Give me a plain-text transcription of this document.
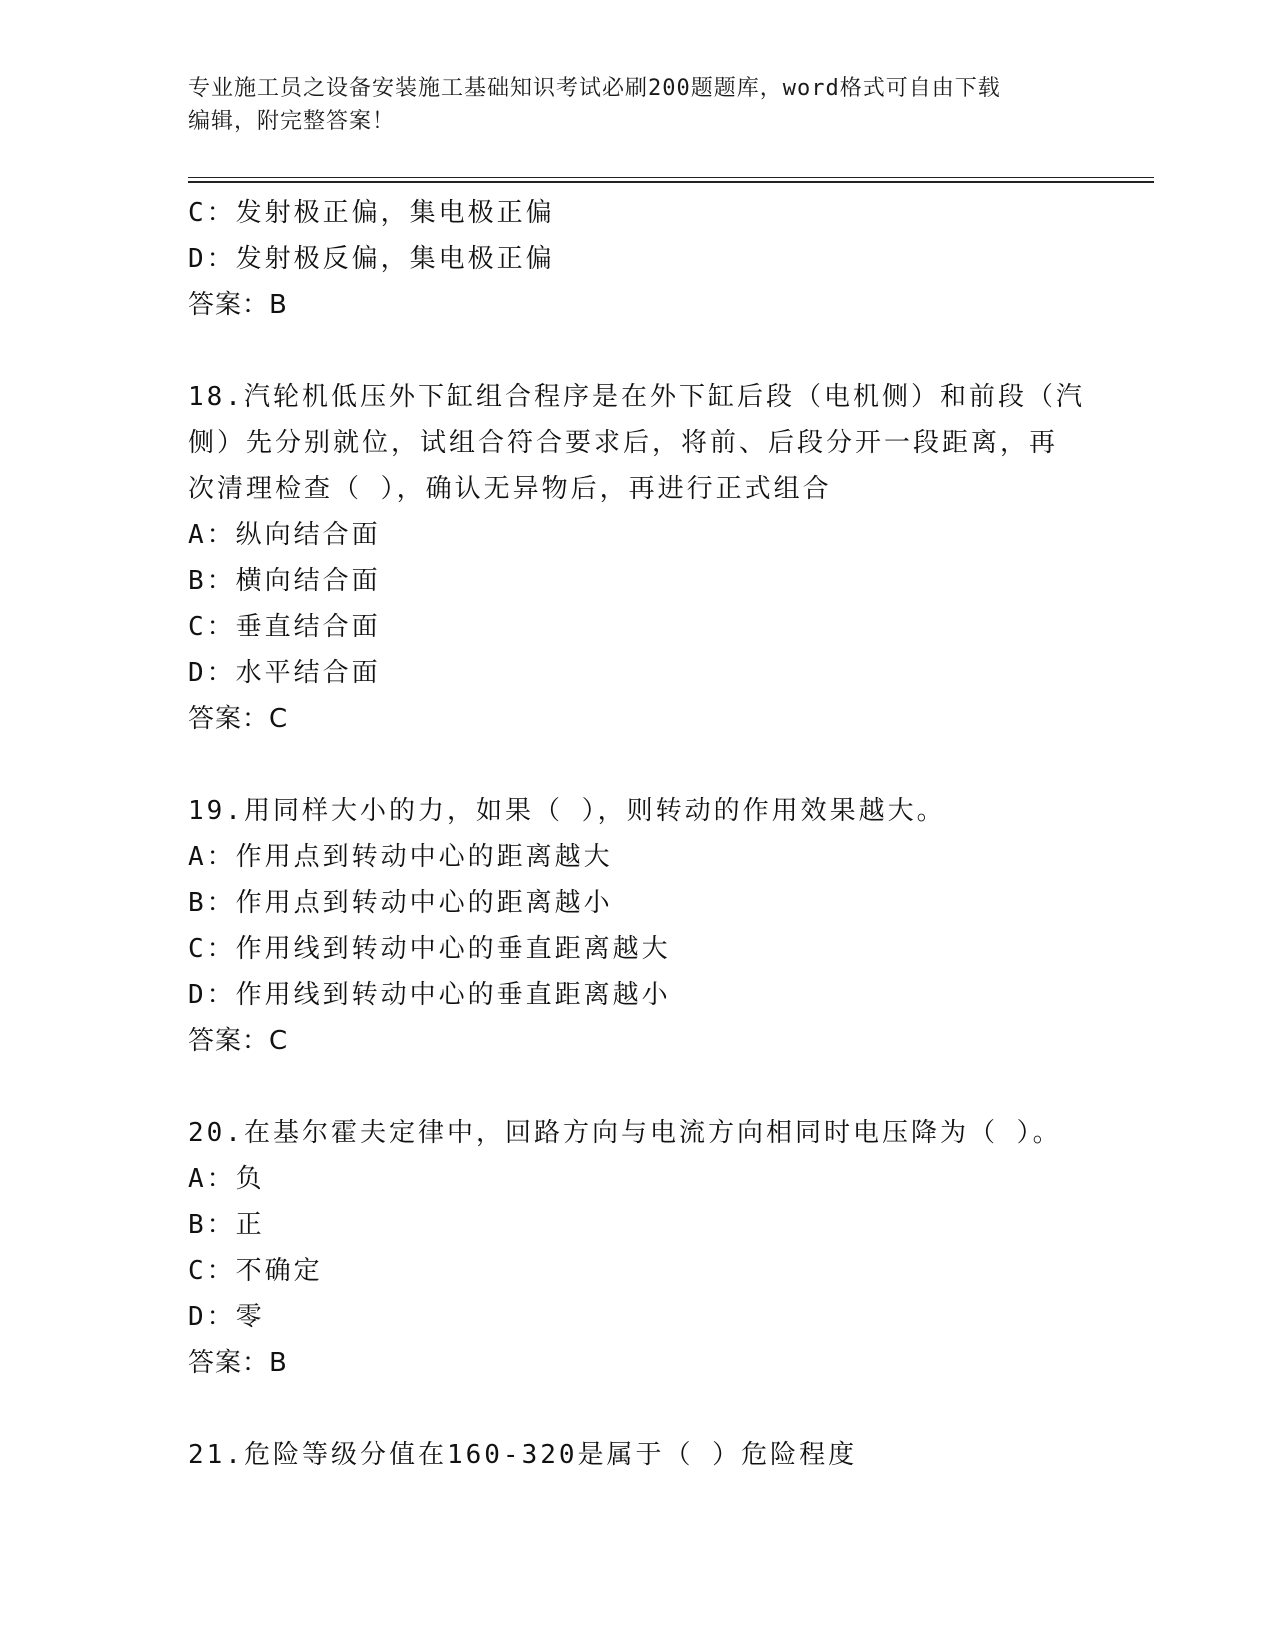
专业施工员之设备安装施工基础知识考试必刷200题题库，word格式可自由下载
编辑，附完整答案！
C：发射极正偏，集电极正偏
D：发射极反偏，集电极正偏
答案：B
18.汽轮机低压外下缸组合程序是在外下缸后段（电机侧）和前段（汽
侧）先分别就位，试组合符合要求后，将前、后段分开一段距离，再
次清理检查（ ），确认无异物后，再进行正式组合
A：纵向结合面
B：横向结合面
C：垂直结合面
D：水平结合面
答案：C
19.用同样大小的力，如果（ ），则转动的作用效果越大。
A：作用点到转动中心的距离越大
B：作用点到转动中心的距离越小
C：作用线到转动中心的垂直距离越大
D：作用线到转动中心的垂直距离越小
答案：C
20.在基尔霍夫定律中，回路方向与电流方向相同时电压降为（ ）。
A：负
B：正
C：不确定
D：零
答案：B
21.危险等级分值在160-320是属于（ ）危险程度
